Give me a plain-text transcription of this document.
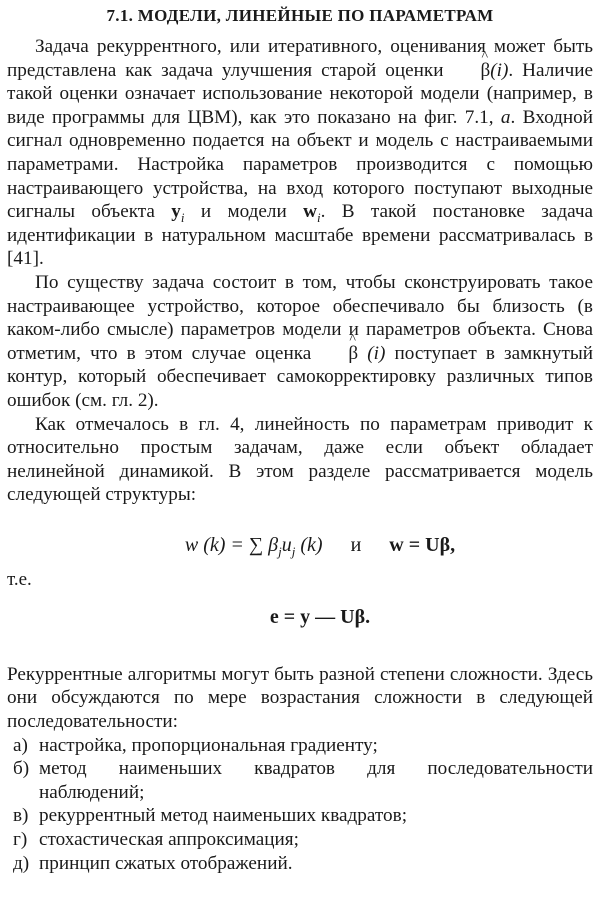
7.1. МОДЕЛИ, ЛИНЕЙНЫЕ ПО ПАРАМЕТРАМ

Задача рекуррентного, или итеративного, оценивания может быть представлена как задача улучшения старой оценки ^ β(i). Наличие такой оценки означает использование некоторой модели (например, в виде программы для ЦВМ), как это показано на фиг. 7.1, а. Входной сигнал одновременно подается на объект и модель с настраиваемыми параметрами. Настройка параметров производится с помощью настраивающего устройства, на вход которого поступают выходные сигналы объекта $y_i$ и модели $w_i$. В такой постановке задача идентификации в натуральном масштабе времени рассматривалась в [41].

По существу задача состоит в том, чтобы сконструировать такое настраивающее устройство, которое обеспечивало бы близость (в каком-либо смысле) параметров модели и параметров объекта. Снова отметим, что в этом случае оценка ^ β (i) поступает в замкнутый контур, который обеспечивает самокорректировку различных типов ошибок (см. гл. 2).

Как отмечалось в гл. 4, линейность по параметрам приводит к относительно простым задачам, даже если объект обладает нелинейной динамикой. В этом разделе рассматривается модель следующей структуры:

w (k) = ∑ $\beta_ju_j$ (k) и w = Uβ,
т.е.
e = y — Uβ.

Рекуррентные алгоритмы могут быть разной степени сложности. Здесь они обсуждаются по мере возрастания сложности в следующей последовательности:

а) настройка, пропорциональная градиенту;
б) метод наименьших квадратов для последовательности наблюдений;
в) рекуррентный метод наименьших квадратов;
г) стохастическая аппроксимация;
д) принцип сжатых отображений.
